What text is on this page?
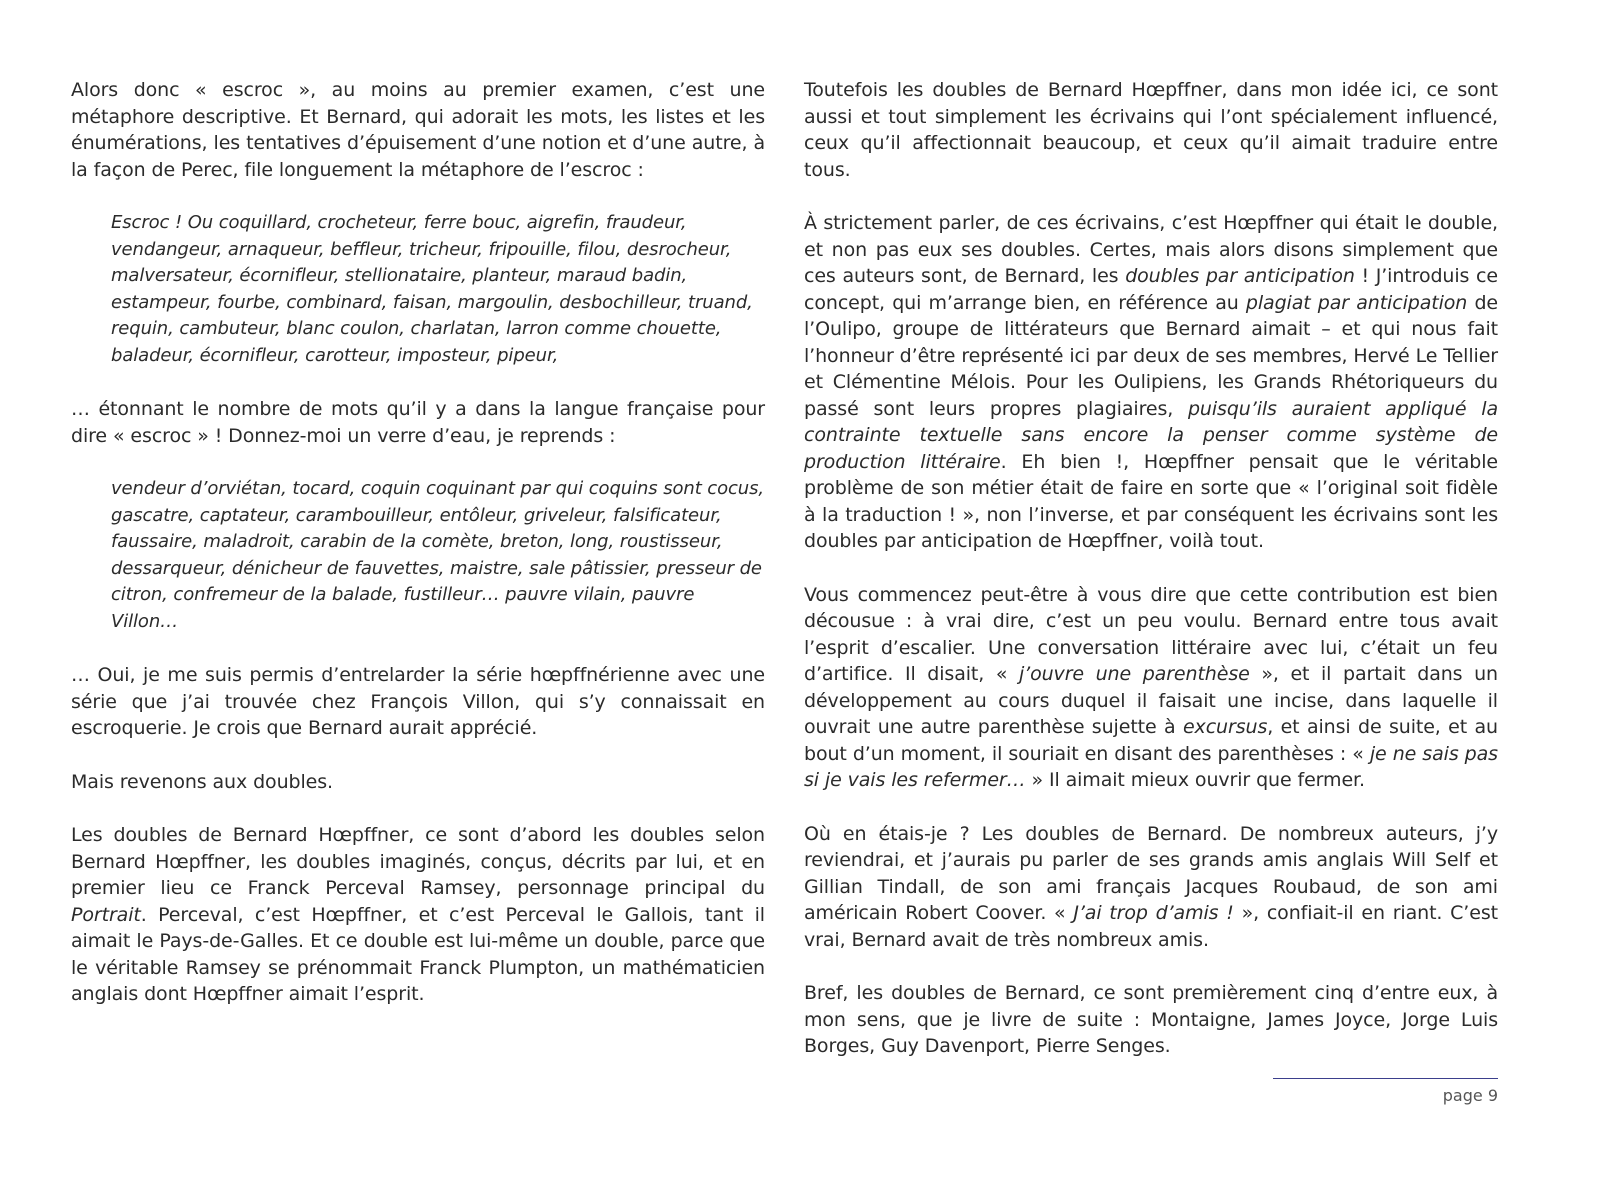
Alors donc « escroc », au moins au premier examen, c’est une métaphore descriptive. Et Bernard, qui adorait les mots, les listes et les énumérations, les tentatives d’épuisement d’une notion et d’une autre, à la façon de Perec, file longuement la métaphore de l’escroc :

Escroc ! Ou coquillard, crocheteur, ferre bouc, aigrefin, fraudeur, vendangeur, arnaqueur, beffleur, tricheur, fripouille, filou, desrocheur, malversateur, écornifleur, stellionataire, planteur, maraud badin, estampeur, fourbe, combinard, faisan, margoulin, desbochilleur, truand, requin, cambuteur, blanc coulon, charlatan, larron comme chouette, baladeur, écornifleur, carotteur, imposteur, pipeur,

… étonnant le nombre de mots qu’il y a dans la langue française pour dire « escroc » ! Donnez-moi un verre d’eau, je reprends :

vendeur d’orviétan, tocard, coquin coquinant par qui coquins sont cocus, gascatre, captateur, carambouilleur, entôleur, griveleur, falsificateur, faussaire, maladroit, carabin de la comète, breton, long, roustisseur, dessarqueur, dénicheur de fauvettes, maistre, sale pâtissier, presseur de citron, confremeur de la balade, fustilleur… pauvre vilain, pauvre Villon…

… Oui, je me suis permis d’entrelarder la série hœpffnérienne avec une série que j’ai trouvée chez François Villon, qui s’y connaissait en escroquerie. Je crois que Bernard aurait apprécié.

Mais revenons aux doubles.

Les doubles de Bernard Hœpffner, ce sont d’abord les doubles selon Bernard Hœpffner, les doubles imaginés, conçus, décrits par lui, et en premier lieu ce Franck Perceval Ramsey, personnage principal du Portrait. Perceval, c’est Hœpffner, et c’est Perceval le Gallois, tant il aimait le Pays-de-Galles. Et ce double est lui-même un double, parce que le véritable Ramsey se prénommait Franck Plumpton, un mathématicien anglais dont Hœpffner aimait l’esprit.

Toutefois les doubles de Bernard Hœpffner, dans mon idée ici, ce sont aussi et tout simplement les écrivains qui l’ont spécialement influencé, ceux qu’il affectionnait beaucoup, et ceux qu’il aimait traduire entre tous.

À strictement parler, de ces écrivains, c’est Hœpffner qui était le double, et non pas eux ses doubles. Certes, mais alors disons simplement que ces auteurs sont, de Bernard, les doubles par anticipation ! J’introduis ce concept, qui m’arrange bien, en référence au plagiat par anticipation de l’Oulipo, groupe de littérateurs que Bernard aimait – et qui nous fait l’honneur d’être représenté ici par deux de ses membres, Hervé Le Tellier et Clémentine Mélois. Pour les Oulipiens, les Grands Rhétoriqueurs du passé sont leurs propres plagiaires, puisqu’ils auraient appliqué la contrainte textuelle sans encore la penser comme système de production littéraire. Eh bien !, Hœpffner pensait que le véritable problème de son métier était de faire en sorte que « l’original soit fidèle à la traduction ! », non l’inverse, et par conséquent les écrivains sont les doubles par anticipation de Hœpffner, voilà tout.

Vous commencez peut-être à vous dire que cette contribution est bien décousue : à vrai dire, c’est un peu voulu. Bernard entre tous avait l’esprit d’escalier. Une conversation littéraire avec lui, c’était un feu d’artifice. Il disait, « j’ouvre une parenthèse », et il partait dans un développement au cours duquel il faisait une incise, dans laquelle il ouvrait une autre parenthèse sujette à excursus, et ainsi de suite, et au bout d’un moment, il souriait en disant des parenthèses : « je ne sais pas si je vais les refermer… » Il aimait mieux ouvrir que fermer.

Où en étais-je ? Les doubles de Bernard. De nombreux auteurs, j’y reviendrai, et j’aurais pu parler de ses grands amis anglais Will Self et Gillian Tindall, de son ami français Jacques Roubaud, de son ami américain Robert Coover. « J’ai trop d’amis ! », confiait-il en riant. C’est vrai, Bernard avait de très nombreux amis.

Bref, les doubles de Bernard, ce sont premièrement cinq d’entre eux, à mon sens, que je livre de suite : Montaigne, James Joyce, Jorge Luis Borges, Guy Davenport, Pierre Senges.

page 9
